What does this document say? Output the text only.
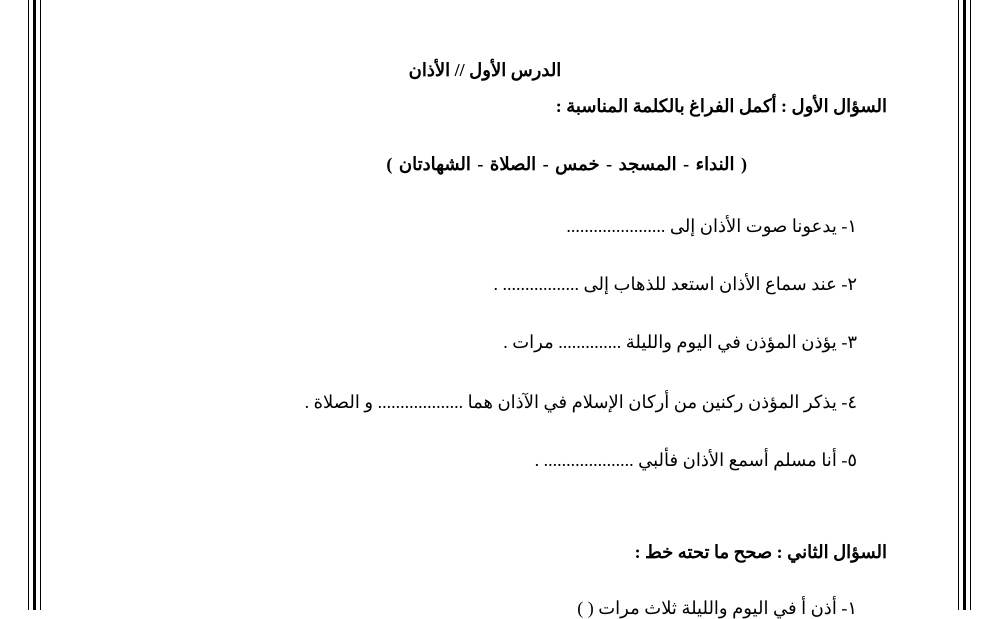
الدرس الأول // الأذان
السؤال الأول : أكمل الفراغ بالكلمة المناسبة :
( النداء - المسجد - خمس - الصلاة - الشهادتان )
١- يدعونا صوت الأذان إلى ......................
٢- عند سماع الأذان استعد للذهاب إلى ................. .
٣- يؤذن المؤذن في اليوم والليلة .............. مرات .
٤- يذكر المؤذن ركنين من أركان الإسلام في الآذان هما ................... و الصلاة .
٥- أنا مسلم أسمع الأذان فألبي .................... .
السؤال الثاني : صحح ما تحته خط :
١- أذن أ في اليوم والليلة ثلاث مرات ( )
